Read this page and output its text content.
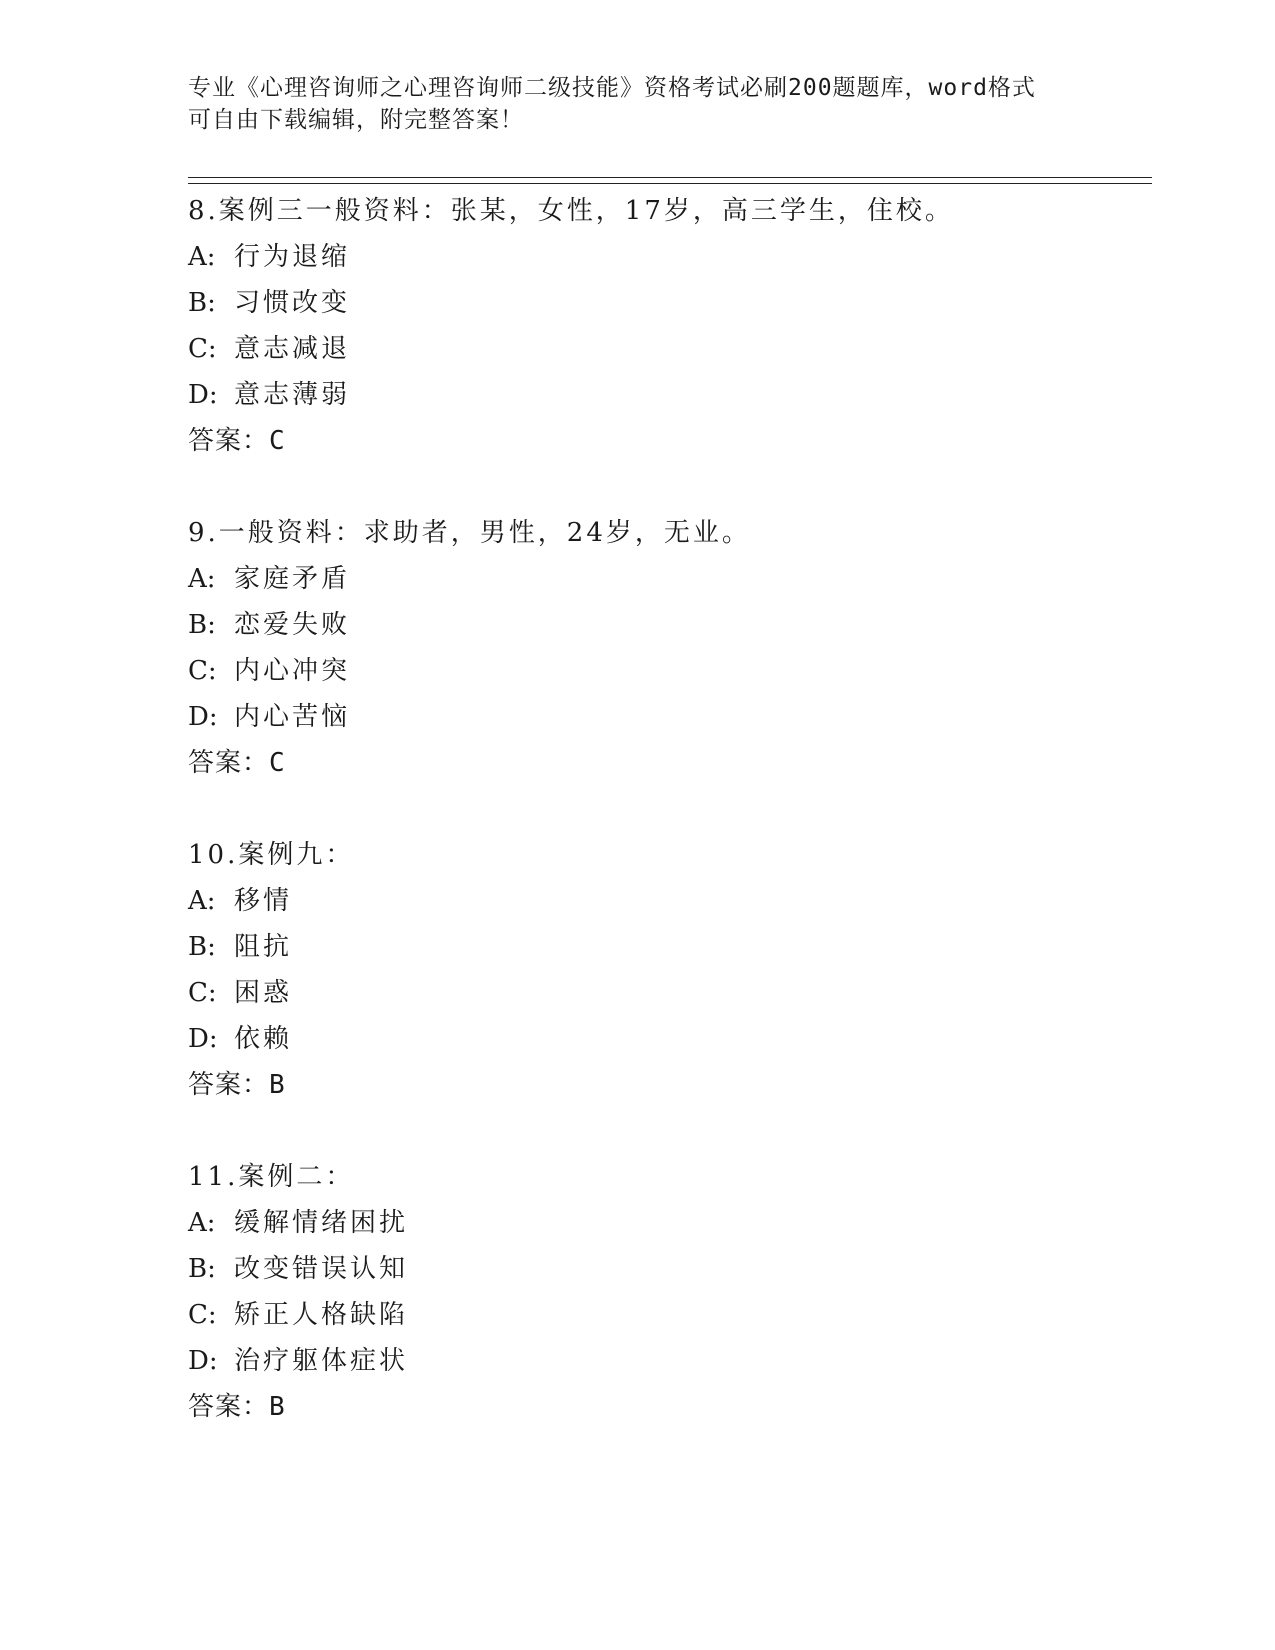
专业《心理咨询师之心理咨询师二级技能》资格考试必刷200题题库，word格式
可自由下载编辑，附完整答案！
8.案例三一般资料：张某，女性，17岁，高三学生，住校。
A: 行为退缩
B: 习惯改变
C: 意志减退
D: 意志薄弱
答案：C
9.一般资料：求助者，男性，24岁，无业。
A: 家庭矛盾
B: 恋爱失败
C: 内心冲突
D: 内心苦恼
答案：C
10.案例九：
A: 移情
B: 阻抗
C: 困惑
D: 依赖
答案：B
11.案例二：
A: 缓解情绪困扰
B: 改变错误认知
C: 矫正人格缺陷
D: 治疗躯体症状
答案：B
